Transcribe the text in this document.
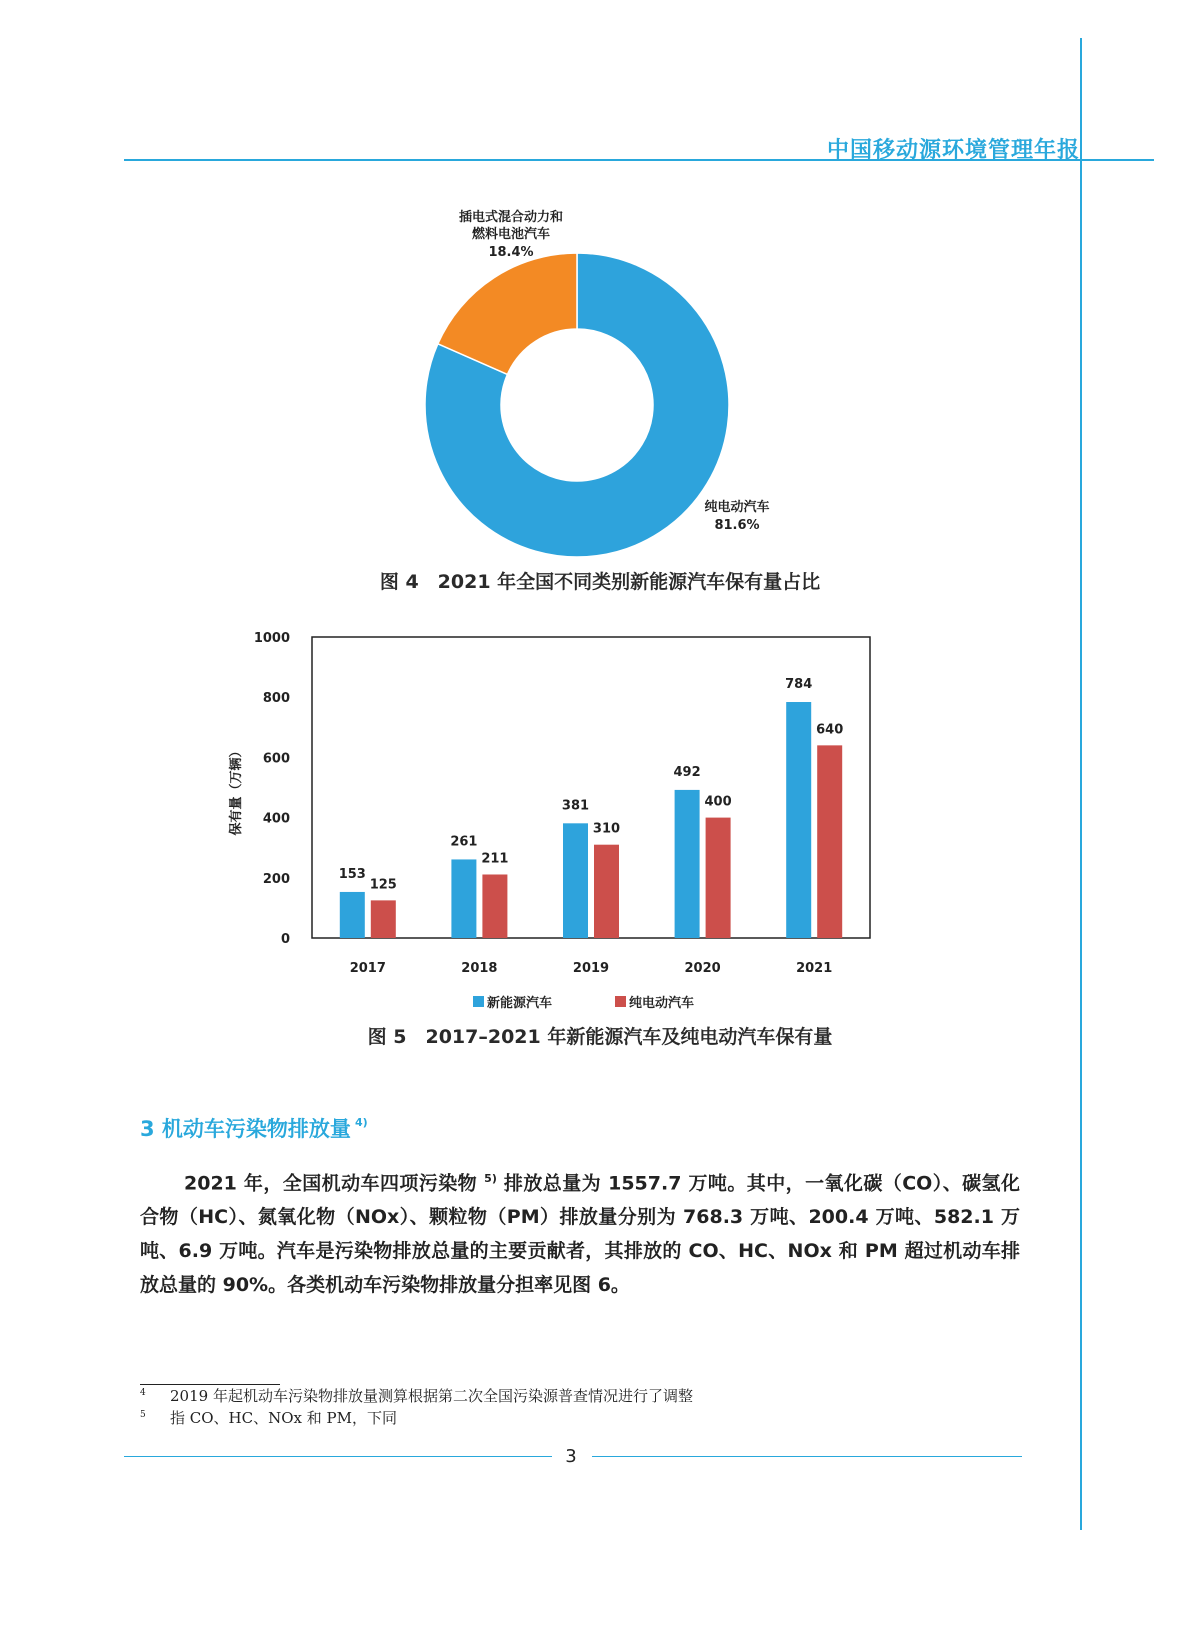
中国移动源环境管理年报
插电式混合动力和
燃料电池汽车
18.4%
纯电动汽车
81.6%
图 4　2021 年全国不同类别新能源汽车保有量占比
0
200
400
600
800
1000
2017	2018	2019	2020	2021
153
125
261
211
381
310
492
400
784
640
保有量（万辆）
新能源汽车	纯电动汽车
图 5　2017–2021 年新能源汽车及纯电动汽车保有量
3 机动车污染物排放量 $^{4)}$
2021 年，全国机动车四项污染物 $^{5)}$ 排放总量为 1557.7 万吨。其中，一氧化碳（CO）、碳氢化合物（HC）、氮氧化物（NOx）、颗粒物（PM）排放量分别为 768.3 万吨、200.4 万吨、582.1 万吨、6.9 万吨。汽车是污染物排放总量的主要贡献者，其排放的 CO、HC、NOx 和 PM 超过机动车排放总量的 90%。各类机动车污染物排放量分担率见图 6。
4 2019 年起机动车污染物排放量测算根据第二次全国污染源普查情况进行了调整
5 指 CO、HC、NOx 和 PM，下同
3
